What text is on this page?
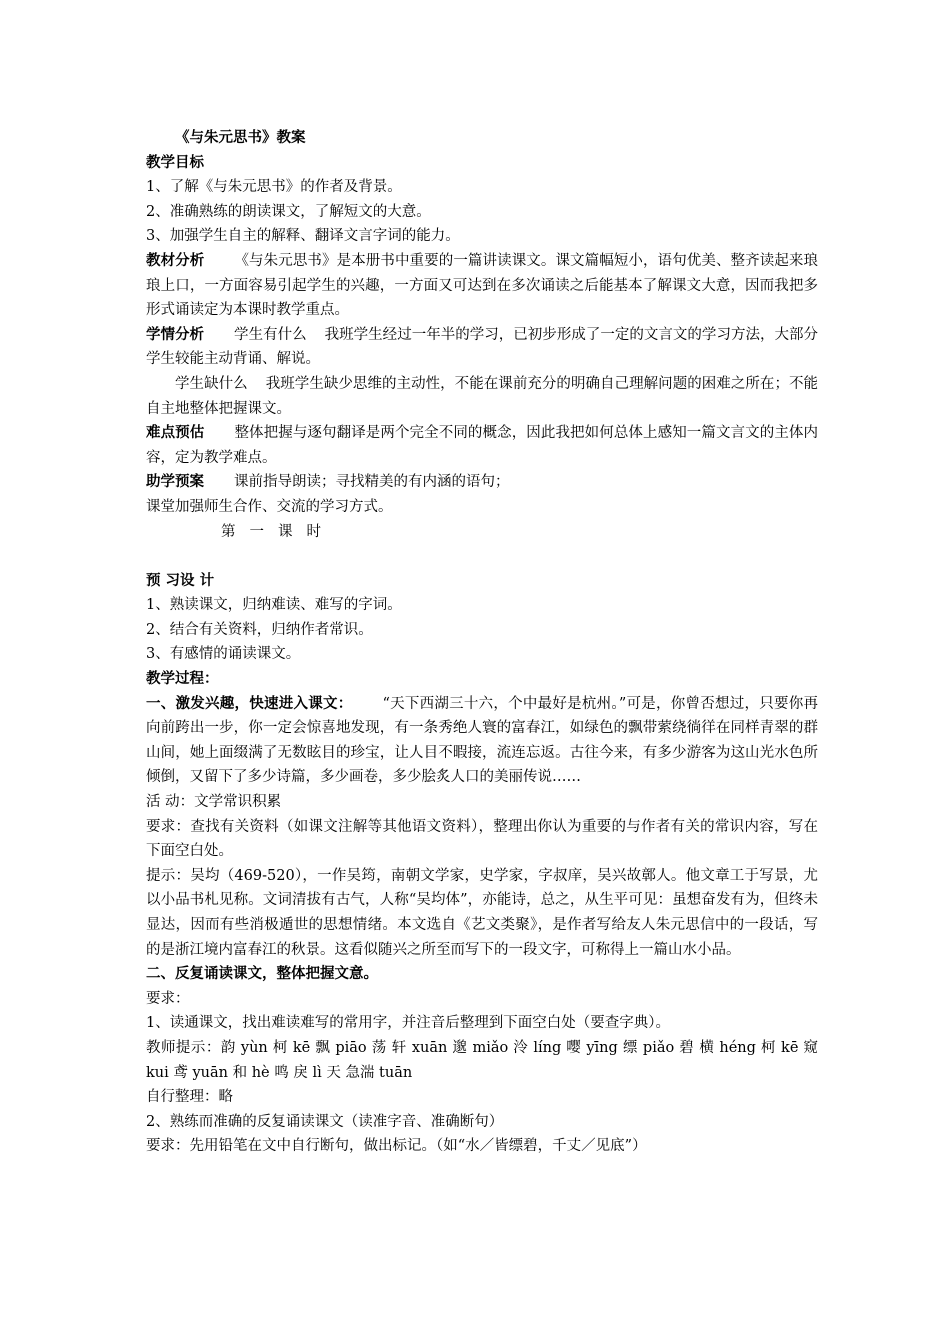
《与朱元思书》教案

教学目标

1、了解《与朱元思书》的作者及背景。

2、准确熟练的朗读课文，了解短文的大意。

3、加强学生自主的解释、翻译文言字词的能力。

教材分析 《与朱元思书》是本册书中重要的一篇讲读课文。课文篇幅短小，语句优美、整齐读起来琅琅上口，一方面容易引起学生的兴趣，一方面又可达到在多次诵读之后能基本了解课文大意，因而我把多形式诵读定为本课时教学重点。

学情分析 学生有什么 我班学生经过一年半的学习，已初步形成了一定的文言文的学习方法，大部分学生较能主动背诵、解说。

学生缺什么 我班学生缺少思维的主动性，不能在课前充分的明确自己理解问题的困难之所在；不能自主地整体把握课文。

难点预估 整体把握与逐句翻译是两个完全不同的概念，因此我把如何总体上感知一篇文言文的主体内容，定为教学难点。

助学预案 课前指导朗读；寻找精美的有内涵的语句；

课堂加强师生合作、交流的学习方式。

第一课时

预 习设 计

1、熟读课文，归纳难读、难写的字词。

2、结合有关资料，归纳作者常识。

3、有感情的诵读课文。

教学过程：

一、激发兴趣，快速进入课文： “天下西湖三十六，个中最好是杭州。”可是，你曾否想过，只要你再向前跨出一步，你一定会惊喜地发现，有一条秀绝人寰的富春江，如绿色的飘带萦绕徜徉在同样青翠的群山间，她上面缀满了无数眩目的珍宝，让人目不暇接，流连忘返。古往今来，有多少游客为这山光水色所倾倒，又留下了多少诗篇，多少画卷，多少脍炙人口的美丽传说……

活 动：文学常识积累

要求：查找有关资料（如课文注解等其他语文资料），整理出你认为重要的与作者有关的常识内容，写在下面空白处。

提示：吴均（469-520），一作吴筠，南朝文学家，史学家，字叔庠，吴兴故鄣人。他文章工于写景，尤以小品书札见称。文词清拔有古气，人称“吴均体”，亦能诗，总之，从生平可见：虽想奋发有为，但终未显达，因而有些消极遁世的思想情绪。本文选自《艺文类聚》，是作者写给友人朱元思信中的一段话，写的是浙江境内富春江的秋景。这看似随兴之所至而写下的一段文字，可称得上一篇山水小品。

二、反复诵读课文，整体把握文意。

要求：

1、读通课文，找出难读难写的常用字，并注音后整理到下面空白处（要查字典）。

教师提示：韵 yùn 柯 kē 飘 piāo 荡 轩 xuān 邈 miǎo 泠 líng 嘤 yīng 缥 piǎo 碧 横 héng 柯 kē 窥 kui 鸢 yuān 和 hè 鸣 戾 lì 天 急湍 tuān

自行整理：略

2、熟练而准确的反复诵读课文（读准字音、准确断句）

要求：先用铅笔在文中自行断句，做出标记。（如“水／皆缥碧，千丈／见底”）
